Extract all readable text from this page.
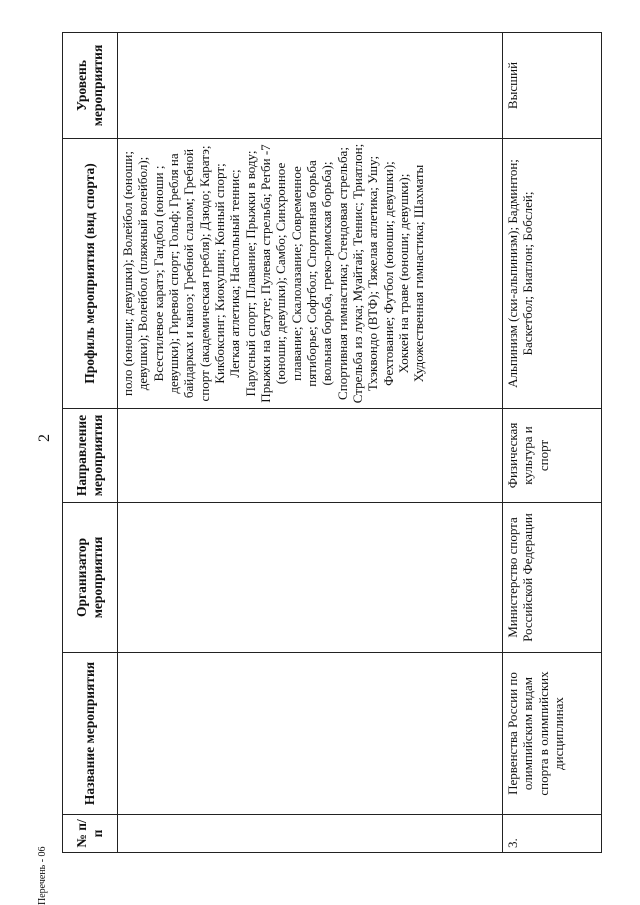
2
№ п/п	Название мероприятия	Организатор мероприятия	Направление мероприятия	Профиль мероприятия (вид спорта)	Уровень мероприятия
				поло (юноши; девушки); Волейбол (юноши; девушки); Волейбол (пляжный волейбол); Всестилевое каратэ; Гандбол (юноши ; девушки); Гиревой спорт; Гольф; Гребля на байдарках и каноэ; Гребной слалом; Гребной спорт (академическая гребля); Дзюдо; Каратэ; Кикбоксинг; Киокушин; Конный спорт; Легкая атлетика; Настольный теннис; Парусный спорт; Плавание; Прыжки в воду; Прыжки на батуте; Пулевая стрельба; Регби -7 (юноши; девушки); Самбо; Синхронное плавание; Скалолазание; Современное пятиборье; Софтбол; Спортивная борьба (вольная борьба, греко-римская борьба); Спортивная гимнастика; Стендовая стрельба; Стрельба из лука; Муайтай; Теннис; Триатлон; Тхэквондо (ВТФ); Тяжелая атлетика; Ушу; Фехтование; Футбол (юноши; девушки); Хоккей на траве (юноши; девушки); Художественная гимнастика; Шахматы	
3.	Первенства России по олимпийским видам спорта в олимпийских дисциплинах	Министерство спорта Российской Федерации	Физическая культура и спорт	Альпинизм (ски-альпинизм); Бадминтон; Баскетбол; Биатлон; Бобслей;	Высший
Перечень - 06
